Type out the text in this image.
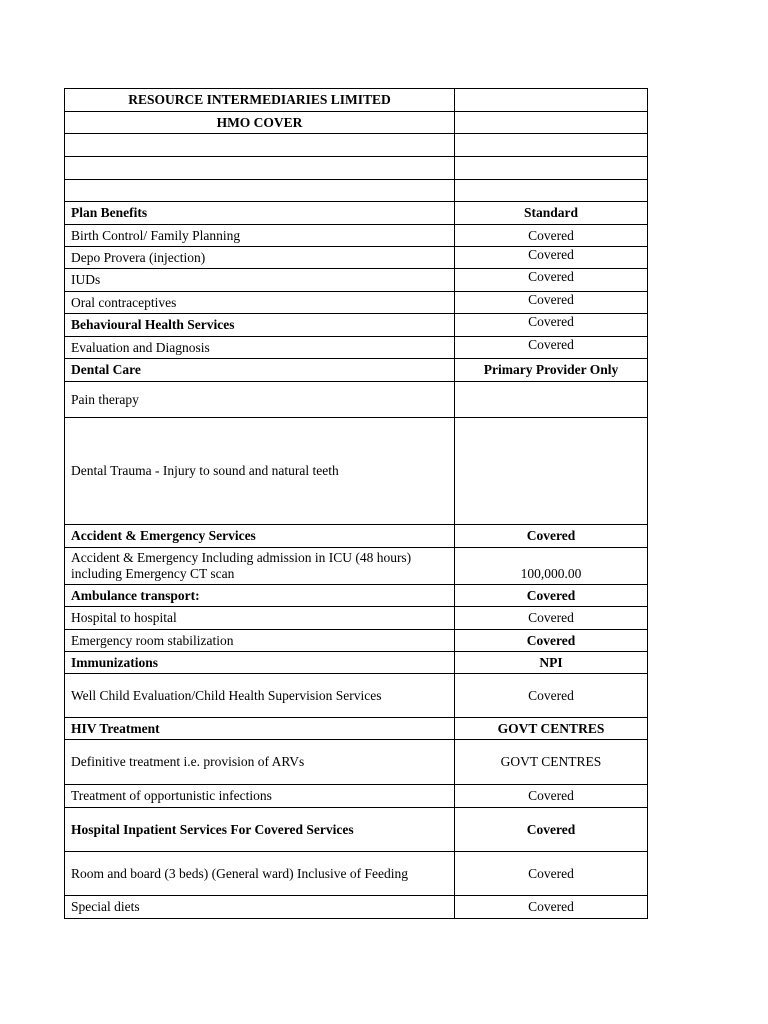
RESOURCE INTERMEDIARIES LIMITED	
HMO COVER	

Plan Benefits	Standard
Birth Control/ Family Planning	Covered
Depo Provera (injection)	Covered
IUDs	Covered
Oral contraceptives	Covered
Behavioural Health Services	Covered
Evaluation and Diagnosis	Covered
Dental Care	Primary Provider Only
Pain therapy	
Dental Trauma - Injury to sound and natural teeth	
Accident & Emergency Services	Covered
Accident & Emergency Including admission in ICU (48 hours) including Emergency CT scan	100,000.00
Ambulance transport:	Covered
Hospital to hospital	Covered
Emergency room stabilization	Covered
Immunizations	NPI
Well Child Evaluation/Child Health Supervision Services	Covered
HIV Treatment	GOVT CENTRES
Definitive treatment i.e. provision of ARVs	GOVT CENTRES
Treatment of opportunistic infections	Covered
Hospital Inpatient Services For Covered Services	Covered
Room and board (3 beds) (General ward) Inclusive of Feeding	Covered
Special diets	Covered
